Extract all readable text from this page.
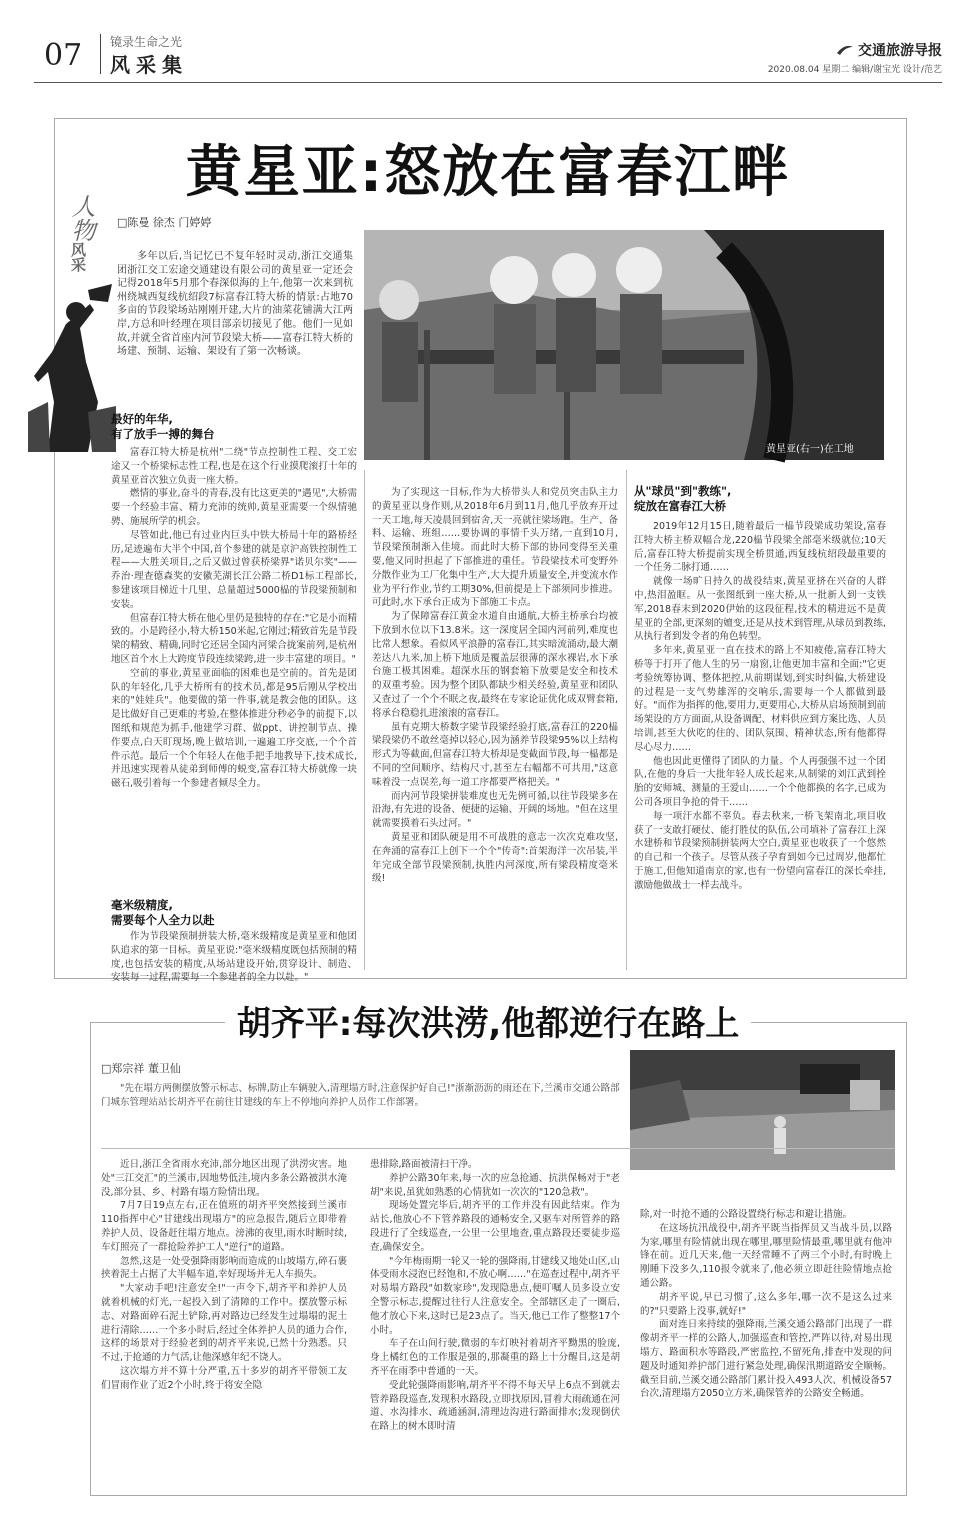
07 镜录生命之光
风采集
交通旅游导报
2020.08.04 星期二 编辑/谢宝光 设计/范艺
黄星亚:怒放在富春江畔
人物
风采
□陈曼 徐杰 门婷婷

多年以后,当记忆已不复年轻时灵动,浙江交通集团浙江交工宏途交通建设有限公司的黄星亚一定还会记得2018年5月那个春深似海的上午,他第一次来到杭州绕城西复线杭绍段7标富春江特大桥的情景:占地70多亩的节段梁场站刚刚开建,大片的油菜花铺满大江两岸,方总和叶经理在项目部亲切接见了他。他们一见如故,并就全省首座内河节段梁大桥——富春江特大桥的场建、预制、运输、架设有了第一次畅谈。

黄星亚(右一)在工地
最好的年华,
有了放手一搏的舞台

富春江特大桥是杭州"二绕"节点控制性工程、交工宏途又一个桥梁标志性工程,也是在这个行业摸爬滚打十年的黄星亚首次独立负责一座大桥。

燃情的事业,奋斗的青春,没有比这更美的"遇见",大桥需要一个经验丰富、精力充沛的统帅,黄星亚需要一个纵情驰骋、施展所学的机会。

尽管如此,他已有过业内巨头中铁大桥局十年的路桥经历,足迹遍布大半个中国,首个参建的就是京沪高铁控制性工程——大胜关项目,之后又做过曾获桥梁界"诺贝尔奖"——乔治·理查德森奖的安徽芜湖长江公路二桥D1标工程部长,参建该项目梯近十几里、总量超过5000榀的节段梁预制和安装。

但富春江特大桥在他心里仍是独特的存在:"它是小而精致的。小是跨径小,特大桥150米起,它刚过;精致首先是节段梁的精致、精确,同时它还居全国内河梁合拢案前列,是杭州地区首个水上大跨度节段连续梁跨,进一步丰富建的项目。"

空前的事业,黄星亚面临的困难也是空前的。首先是团队的年轻化,几乎大桥所有的技术员,都是95后刚从学校出来的"娃娃兵"。他要做的第一件事,就是教会他的团队。这是比做好自己更难的考验,在整体推进分秒必争的前提下,以图纸和规范为抓手,他建学习群、做ppt、讲控制节点、操作要点,白天盯现场,晚上做培训,一遍遍工序交底,一个个首件示范。最后一个个年轻人在他手把手地教导下,技术成长,并迅速实现着从徒弟到师傅的蜕变,富春江特大桥就像一块磁石,吸引着每一个参建者倾尽全力。

毫米级精度,
需要每个人全力以赴

作为节段梁预制拼装大桥,毫米级精度是黄星亚和他团队追求的第一目标。黄星亚说:"毫米级精度既包括预制的精度,也包括安装的精度,从场站建设开始,贯穿设计、制造、安装每一过程,需要每一个参建者的全力以赴。"

为了实现这一目标,作为大桥带头人和党员突击队主力的黄星亚以身作则,从2018年6月到11月,他几乎放弃开过一天工地,每天凌晨回到宿舍,天一亮就往梁场跑。生产、备料、运输、班组……要协调的事情千头万绪,一直到10月,节段梁预制渐入佳境。而此时大桥下部的协同变得至关重要,他又同时担起了下部推进的重任。节段梁技术可变野外分散作业为工厂化集中生产,大大提升质量安全,并变流水作业为平行作业,节约工期30%,但前提是上下部须同步推进。可此时,水下承台正成为下部施工卡点。

为了保障富春江黄金水道自由通航,大桥主桥承台均被下放到水位以下13.8米。这一深度居全国内河前列,难度也比常人想象。看似风平浪静的富春江,其实暗流涌动,最大潮差达八九米,加上桥下地质是覆盖层很薄的深水裸岩,水下承台施工极其困难。超深水压的钢套箱下放要是安全和技术的双重考验。因为整个团队都缺少相关经验,黄星亚和团队又查过了一个个不眠之夜,最终在专家论证优化成双臂套箱,将承台稳稳扎进滚滚的富春江。

虽有克期大桥数字梁节段梁经验打底,富春江的220榀梁段梁仍不敢丝毫掉以轻心,因为涵养节段梁95%以上结构形式为等截面,但富春江特大桥却是变截面节段,每一榀都是不同的空间顺序、结构尺寸,甚至左右幅都不可共用,"这意味着没一点误差,每一道工序都要严格把关。"

而内河节段梁拼装难度也无先例可循,以往节段梁多在沿海,有先进的设备、便捷的运输、开阔的场地。"但在这里就需要摸着石头过河。"

黄星亚和团队硬是用不可战胜的意志一次次克难攻坚,在奔涌的富春江上创下一个个"传奇":首架海洋一次吊装,半年完成全部节段梁预制,执胜内河深度,所有梁段精度毫米级!

从"球员"到"教练",
绽放在富春江大桥

2019年12月15日,随着最后一榀节段梁成功架设,富春江特大桥主桥双幅合龙,220榀节段梁全部毫米级就位;10天后,富春江特大桥提前实现全桥贯通,西复线杭绍段最重要的一个任务二脉打通……

就像一场旷日持久的战役结束,黄星亚挤在兴奋的人群中,热泪盈眶。从一张图纸到一座大桥,从一批新人到一支铁军,2018春末到2020伊始的这段征程,技术的精进远不是黄星亚的全部,更深刻的嬗变,还是从技术到管理,从球员到教练,从执行者到发令者的角色转型。

多年来,黄星亚一直在技术的路上不知疲倦,富春江特大桥等于打开了他人生的另一扇窗,让他更加丰富和全面:"它更考验统筹协调、整体把控,从前期谋划,到实时纠偏,大桥建设的过程是一支气势雄浑的交响乐,需要每一个人都做到最好。"而作为指挥的他,要用力,更要用心,大桥从启场预制到前场架设的方方面面,从设备调配、材料供应到方案比选、人员培训,甚至大伙吃的住的、团队氛围、精神状态,所有他都得尽心尽力……

他也因此更懂得了团队的力量。个人再强强不过一个团队,在他的身后一大批年轻人成长起来,从制梁的刘江武到拴胎的安师城、测量的王爱山……一个个他都换的名字,已成为公司各项目争抢的骨干……

每一项汗水都不辜负。春去秋来,一桥飞架南北,项目收获了一支敢打硬仗、能打胜仗的队伍,公司填补了富春江上深水建桥和节段梁预制拼装两大空白,黄星亚也收获了一个悠然的自己和一个孩子。尽管从孩子孕育到如今已过周岁,他都忙于施工,但他知道南京的家,也有一份望向富春江的深长牵挂,激励他做战士一样去战斗。

胡齐平:每次洪涝,他都逆行在路上
□郑宗祥 董卫仙

"先在塌方两侧摆放警示标志、标牌,防止车辆驶入,清理塌方时,注意保护好自己!"浙渐沥沥的雨还在下,兰溪市交通公路部门城东管理站站长胡齐平在前往甘建线的车上不停地向养护人员作工作部署。

近日,浙江全省雨水充沛,部分地区出现了洪涝灾害。地处"三江交汇"的兰溪市,因地势低洼,境内多条公路被洪水淹没,部分县、乡、村路有塌方险情出现。

7月7日19点左右,正在值班的胡齐平突然接到兰溪市110指挥中心"甘建线出现塌方"的应急报告,随后立即带着养护人员、设备赶往塌方地点。滂沸的夜里,雨水时断时续,车灯照亮了一群抢险养护工人"逆行"的道路。

忽然,这是一处受强降雨影响而造成的山坡塌方,碎石裹挟着泥土占据了大半幅车道,幸好现场并无人车损失。

"大家动手吧!注意安全!"一声令下,胡齐平和养护人员就着机械的灯光,一起投入到了清障的工作中。摆放警示标志、对路面碎石泥土铲除,再对路边已经发生过塌塌的泥土进行清除……一个多小时后,经过全体养护人员的通力合作,这样的场景对于经验老到的胡齐平来说,已然十分熟悉。只不过,于抢通的力气活,让他深感年纪不饶人。

这次塌方并不算十分严重,五十多岁的胡齐平带领工友们冒雨作业了近2个小时,终于将安全隐

患排除,路面被清扫干净。

养护公路30年来,每一次的应急抢通、抗洪保畅对于"老胡"来说,虽犹如熟悉的心情犹如一次次的"120急救"。

现场处置完毕后,胡齐平的工作并没有因此结束。作为站长,他放心不下管养路段的通畅安全,又驱车对所管养的路段进行了全线巡查,一公里一公里地查,重点路段还要徒步巡查,确保安全。

"今年梅雨期一轮又一轮的强降雨,甘建线又地处山区,山体受雨水浸泡已经饱和,不放心啊……"在巡查过程中,胡齐平对易塌方路段"如数家珍",发现隐患点,便叮嘱人员多设立安全警示标志,提醒过往行人注意安全。全部辖区走了一圈后,他才放心下来,这时已是23点了。当天,他已工作了整整17个小时。

车子在山间行驶,微弱的车灯映衬着胡齐平黝黑的脸庞,身上橘红色的工作服是强的,那凝重的路上十分醒目,这是胡齐平在雨季中普通的一天。

受此轮强降雨影响,胡齐平不得不每天早上6点不到就去管养路段巡查,发现积水路段,立即找原因,冒着大雨疏通在河道、水沟排水、疏通涵洞,清理边沟进行路面排水;发现倒伏在路上的树木即时清

除,对一时抢不通的公路设置绕行标志和避让措施。

在这场抗汛战役中,胡齐平既当指挥员又当战斗员,以路为家,哪里有险情就出现在哪里,哪里险情最重,哪里就有他冲锋在前。近几天来,他一天经常睡不了两三个小时,有时晚上刚睡下没多久,110报令就来了,他必须立即赶往险情地点抢通公路。

胡齐平说,早已习惯了,这么多年,哪一次不是这么过来的?"只要路上没事,就好!"

面对连日来持续的强降雨,兰溪交通公路部门出现了一群像胡齐平一样的公路人,加强巡查和管控,严阵以待,对易出现塌方、路面积水等路段,严密监控,不留死角,排查中发现的问题及时通知养护部门进行紧急处理,确保汛期道路安全顺畅。截至目前,兰溪交通公路部门累计投入493人次、机械设备57台次,清理塌方2050立方米,确保管养的公路安全畅通。
